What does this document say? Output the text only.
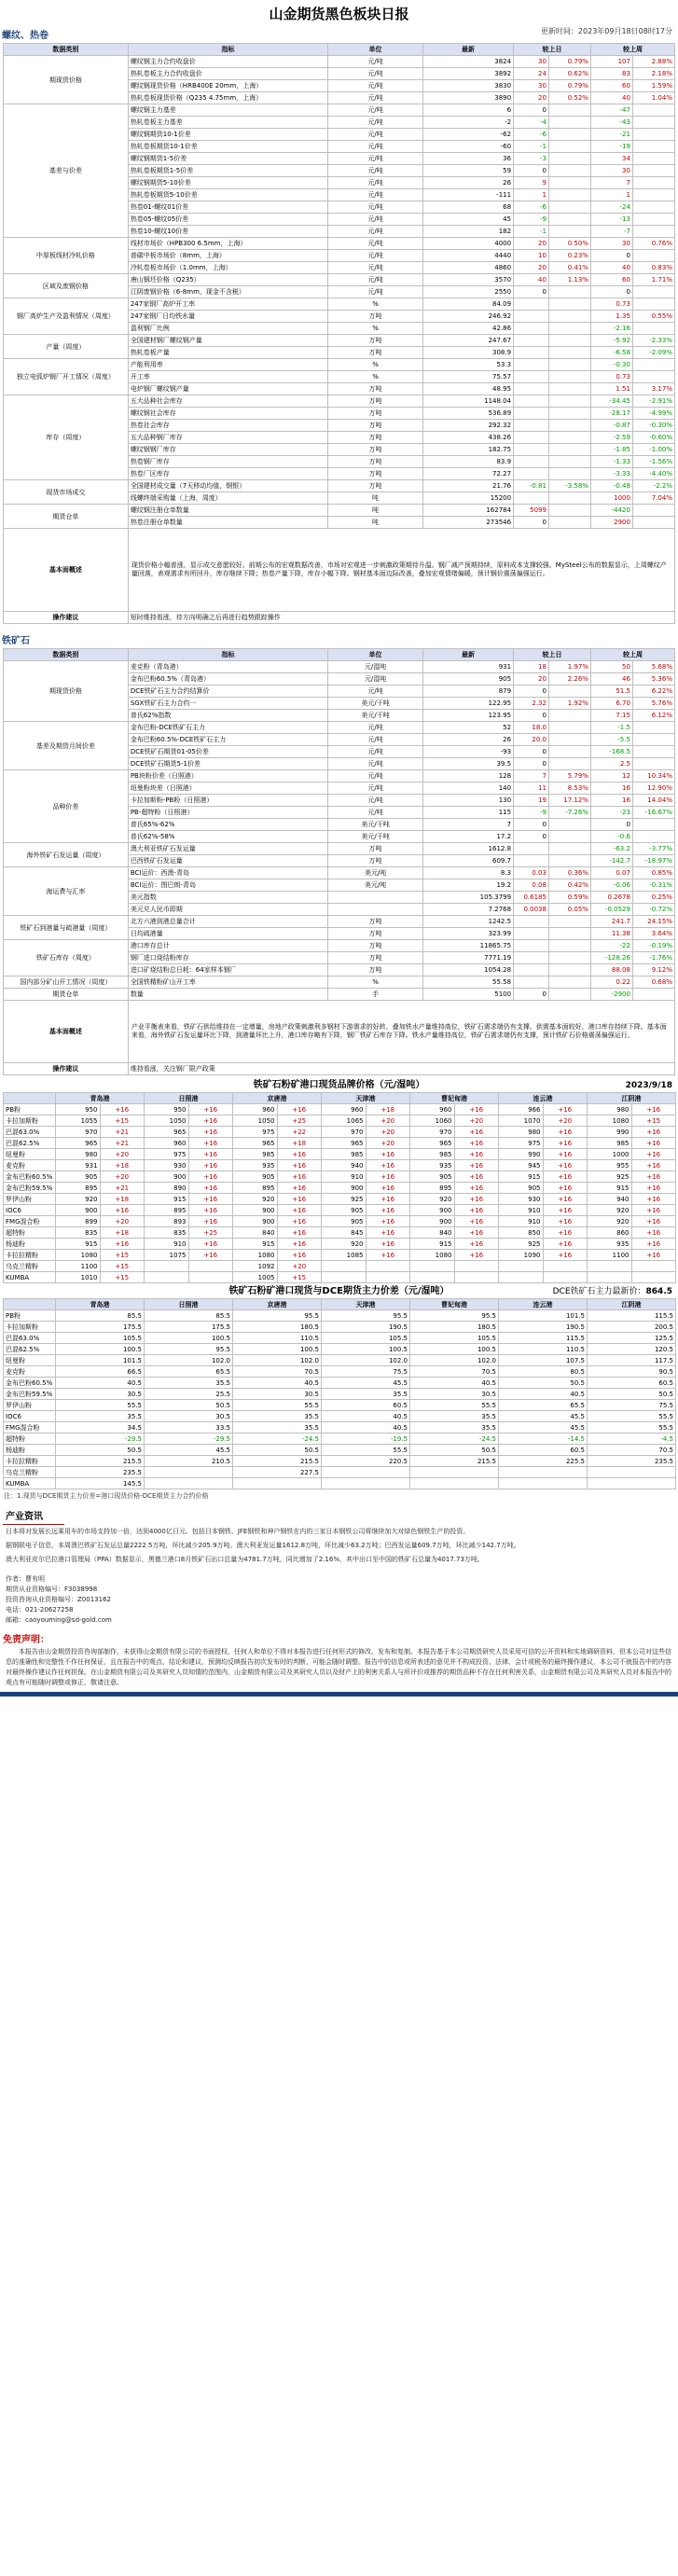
山金期货黑色板块日报
更新时间：2023年09月18日08时17分
螺纹、热卷
数据类别	指标	单位	最新	较上日		较上周	
期现货价格	螺纹钢主力合约收盘价	元/吨	3824	30	0.79%	107	2.88%
	热轧卷板主力合约收盘价	元/吨	3892	24	0.62%	83	2.18%
	螺纹钢现货价格（HRB400E 20mm，上海）	元/吨	3830	30	0.79%	60	1.59%
	热轧卷板现货价格（Q235 4.75mm，上海）	元/吨	3890	20	0.52%	40	1.04%
基差与价差	螺纹钢主力基差	元/吨	6	0		-47	
	热轧卷板主力基差	元/吨	-2	-4		-43	
	螺纹钢期货10-1价差	元/吨	-62	-6		-21	
	热轧卷板期货10-1价差	元/吨	-60	-1		-19	
	螺纹钢期货1-5价差	元/吨	36	-3		34	
	热轧卷板期货1-5价差	元/吨	59	0		30	
	螺纹钢期货5-10价差	元/吨	26	9		7	
	热轧卷板期货5-10价差	元/吨	-111	1		1	
	热卷01-螺纹01价差	元/吨	68	-6		-24	
	热卷05-螺纹05价差	元/吨	45	-9		-13	
	热卷10-螺纹10价差	元/吨	182	-1		-7	
中厚板线材冷轧价格	线材市场价（HPB300 6.5mm，上海）	元/吨	4000	20	0.50%	30	0.76%
	普碳中板市场价（8mm，上海）	元/吨	4440	10	0.23%	0	
	冷轧卷板市场价（1.0mm，上海）	元/吨	4860	20	0.41%	40	0.83%
区域及废钢价格	唐山钢坯价格（Q235）	元/吨	3570	40	1.13%	60	1.71%
	江阴废钢价格（6-8mm，现金不含税）	元/吨	2550	0		0	
钢厂高炉生产及盈利情况（周度）	247家钢厂高炉开工率	%	84.09			0.73	
	247家钢厂日均铁水量	万吨	246.92			1.35	0.55%
	盈利钢厂比例	%	42.86			-2.16	
产量（周度）	全国建材钢厂螺纹钢产量	万吨	247.67			-5.92	-2.33%
	热轧卷板产量	万吨	308.9			-6.58	-2.09%
独立电弧炉钢厂开工情况（周度）	产能利用率	%	53.3			-0.30	
	开工率	%	75.57			0.73	
	电炉钢厂螺纹钢产量	万吨	48.95			1.51	3.17%
库存（周度）	五大品种社会库存	万吨	1148.04			-34.45	-2.91%
	螺纹钢社会库存	万吨	536.89			-28.17	-4.99%
	热卷社会库存	万吨	292.32			-0.87	-0.30%
	五大品种钢厂库存	万吨	438.26			-2.59	-0.60%
	螺纹钢钢厂库存	万吨	182.75			-1.85	-1.00%
	热卷钢厂库存	万吨	83.9			-1.33	-1.56%
	热卷厂区库存	万吨	72.27			-3.33	-4.40%
现货市场成交	全国建材成交量（7天移动均值，钢银）	万吨	21.76	-0.81	-3.58%	-0.48	-2.2%
	线螺终端采购量（上海，周度）	吨	15200			1000	7.04%
期货仓单	螺纹钢注册仓单数量	吨	162784	5099		-4420	
	热卷注册仓单数量	吨	273546	0		2900	
基本面概述	现货价格小幅普涨，显示成交意愿较好。前期公布的宏观数据改善，市场对宏观进一步刺激政策期待升温。钢厂减产预期持续，原料成本支撑较强。MySteel公布的数据显示，上周螺纹产量回落，表观需求有所回升，库存继续下降；热卷产量下降，库存小幅下降。钢材基本面边际改善，叠加宏观情绪偏暖，预计钢价震荡偏强运行。						
操作建议	短时维持看涨，待方向明确之后再进行趋势跟踪操作						
铁矿石
数据类别	指标	单位	最新	较上日		较上周	
期现货价格	麦克粉（青岛港）	元/湿吨	931	18	1.97%	50	5.68%
	金布巴粉60.5%（青岛港）	元/湿吨	905	20	2.26%	46	5.36%
	DCE铁矿石主力合约结算价	元/吨	879	0		51.5	6.22%
	SGX铁矿石主力合约一	美元/干吨	122.95	2.32	1.92%	6.70	5.76%
	普氏62%指数	美元/干吨	123.95	0		7.15	6.12%
基差及期货月间价差	金布巴粉-DCE铁矿石主力	元/吨	52	18.0		-1.5	
	金布巴粉60.5%-DCE铁矿石主力	元/吨	26	20.0		-5.5	
	DCE铁矿石期货01-05价差	元/吨	-93	0		-168.5	
	DCE铁矿石期货5-1价差	元/吨	39.5	0		2.5	
品种价差	PB块粉价差（日照港）	元/吨	128	7	5.79%	12	10.34%
	纽曼粉块差（日照港）	元/吨	140	11	8.53%	16	12.90%
	卡拉加斯粉-PB粉（日照港）	元/吨	130	19	17.12%	16	14.04%
	PB-超特粉（日照港）	元/吨	115	-9	-7.26%	-23	-16.67%
	普氏65%-62%	美元/干吨	7	0		0	
	普氏62%-58%	美元/干吨	17.2	0		-0.6	
海外铁矿石发运量（周度）	澳大利亚铁矿石发运量	万吨	1612.8			-63.2	-3.77%
	巴西铁矿石发运量	万吨	609.7			-142.7	-18.97%
海运费与汇率	BCI运价：西澳-青岛	美元/吨	8.3	0.03	0.36%	0.07	0.85%
	BCI运价：图巴朗-青岛	美元/吨	19.2	0.08	0.42%	-0.06	-0.31%
	美元指数		105.3799	0.6185	0.59%	0.2678	0.25%
	美元兑人民币即期		7.2768	0.0038	0.05%	-0.0529	-0.72%
铁矿石到港量与疏港量（周度）	北方六港到港总量合计	万吨	1242.5			241.7	24.15%
	日均疏港量	万吨	323.99			11.38	3.64%
铁矿石库存（周度）	港口库存总计	万吨	11865.75			-22	-0.19%
	钢厂进口烧结粉库存	万吨	7771.19			-128.26	-1.76%
	进口矿烧结粉总日耗：64家样本钢厂	万吨	1054.28			88.08	9.12%
国内部分矿山开工情况（周度）	全国铁精粉矿山开工率	%	55.58			0.22	0.68%
期货仓单	数量	手	5100	0		-2900	
基本面概述	产业平衡表来看，铁矿石供给维持在一定增量，房地产政策刺激利多钢材下游需求的好转，叠加铁水产量维持高位，铁矿石需求端仍有支撑。供需基本面较好，港口库存持续下降。基本面来看，海外铁矿石发运量环比下降，到港量环比上升，港口库存略有下降，钢厂铁矿石库存下降。铁水产量维持高位，铁矿石需求端仍有支撑，预计铁矿石价格震荡偏强运行。						
操作建议	维持看涨，关注钢厂限产政策						
铁矿石粉矿港口现货品牌价格（元/湿吨）	2023/9/18
	青岛港		日照港		京唐港		天津港		曹妃甸港		连云港		江阴港	
PB粉	950	+16	950	+16	960	+16	960	+18	960	+16	966	+16	980	+16
卡拉加斯粉	1055	+15	1050	+16	1050	+25	1065	+20	1060	+20	1070	+20	1080	+15
巴混63.0%	970	+21	965	+16	975	+22	970	+20	970	+16	980	+16	990	+16
巴混62.5%	965	+21	960	+16	965	+18	965	+20	965	+16	975	+16	985	+16
纽曼粉	980	+20	975	+16	985	+16	985	+16	985	+16	990	+16	1000	+16
麦克粉	931	+18	930	+16	935	+16	940	+16	935	+16	945	+16	955	+16
金布巴粉60.5%	905	+20	900	+16	905	+16	910	+16	905	+16	915	+16	925	+16
金布巴粉59.5%	895	+21	890	+16	895	+16	900	+16	895	+16	905	+16	915	+16
罗伊山粉	920	+18	915	+16	920	+16	925	+16	920	+16	930	+16	940	+16
IOC6	900	+16	895	+16	900	+16	905	+16	900	+16	910	+16	920	+16
FMG混合粉	899	+20	893	+16	900	+16	905	+16	900	+16	910	+16	920	+16
超特粉	835	+18	835	+25	840	+16	845	+16	840	+16	850	+16	860	+16
杨迪粉	915	+16	910	+16	915	+16	920	+16	915	+16	925	+16	935	+16
卡拉拉精粉	1080	+15	1075	+16	1080	+16	1085	+16	1080	+16	1090	+16	1100	+16
乌克兰精粉	1100	+15			1092	+20								
KUMBA	1010	+15			1005	+15								
铁矿石粉矿港口现货与DCE期货主力价差（元/湿吨）	DCE铁矿石主力最新价：864.5
	青岛港	日照港	京唐港	天津港	曹妃甸港	连云港	江阴港
PB粉	85.5	85.5	95.5	95.5	95.5	101.5	115.5
卡拉加斯粉	175.5	175.5	180.5	190.5	180.5	190.5	200.5
巴混63.0%	105.5	100.5	110.5	105.5	105.5	115.5	125.5
巴混62.5%	100.5	95.5	100.5	100.5	100.5	110.5	120.5
纽曼粉	101.5	102.0	102.0	102.0	102.0	107.5	117.5
麦克粉	66.5	65.5	70.5	75.5	70.5	80.5	90.5
金布巴粉60.5%	40.5	35.5	40.5	45.5	40.5	50.5	60.5
金布巴粉59.5%	30.5	25.5	30.5	35.5	30.5	40.5	50.5
罗伊山粉	55.5	50.5	55.5	60.5	55.5	65.5	75.5
IOC6	35.5	30.5	35.5	40.5	35.5	45.5	55.5
FMG混合粉	34.5	33.5	35.5	40.5	35.5	45.5	55.5
超特粉	-29.5	-29.5	-24.5	-19.5	-24.5	-14.5	-4.5
杨迪粉	50.5	45.5	50.5	55.5	50.5	60.5	70.5
卡拉拉精粉	215.5	210.5	215.5	220.5	215.5	225.5	235.5
乌克兰精粉	235.5		227.5				
KUMBA	145.5						
注：1.现货与DCE期货主力价差=港口现货价格-DCE期货主力合约价格
产业资讯
日本将对发展长远乘用车的市场支持加一倍，达到4000亿日元。包括日本钢铁、JFE钢铁和神户钢铁在内的三家日本钢铁公司将继续加大对绿色钢铁生产的投资。
据钢联电子信息，本周澳巴铁矿石发运总量2222.5万吨，环比减少205.9万吨。澳大利亚发运量1612.8万吨，环比减少63.2万吨；巴西发运量609.7万吨，环比减少142.7万吨。
澳大利亚皮尔巴拉港口管理局（PPA）数据显示，黑德兰港口8月铁矿石出口总量为4781.7万吨，同比增加了2.16%，其中出口至中国的铁矿石总量为4017.73万吨。
作者：曹有明
期货从业资格编号：F3038998
投资咨询从业资格编号：Z0013162
电话：021-20627258
邮箱：caoyouming@sd-gold.com
免责声明：
本报告由山金期货投资咨询部制作，未获得山金期货有限公司的书面授权，任何人和单位不得对本报告进行任何形式的修改、发布和复制。本报告基于本公司期货研究人员采用可信的公开资料和实地调研资料，但本公司对这些信息的准确性和完整性不作任何保证，且在报告中的观点、结论和建议，预测均反映报告初次发布时的判断，可能会随时调整。报告中的信息或所表述的意见并不构成投资、法律、会计或税务的最终操作建议，本公司不就报告中的内容对最终操作建议作任何担保。在山金期货有限公司及其研究人员知情的范围内，山金期货有限公司及其研究人员以及财产上的利害关系人与所评价或推荐的期货品种不存在任何利害关系，山金期货有限公司及其研究人员对本报告中的观点有可能随时调整或修正，敬请注意。
